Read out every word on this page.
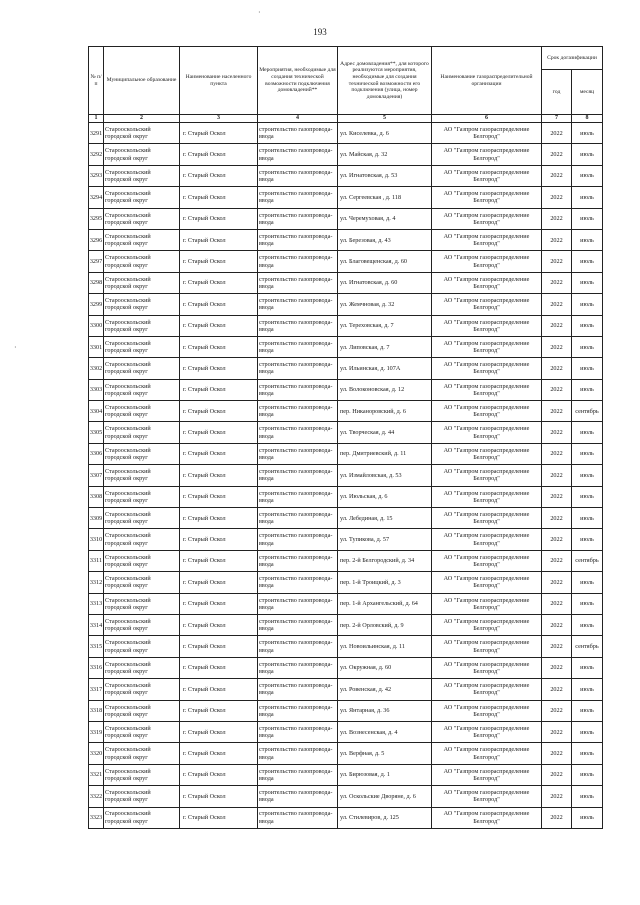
193
·
·
№ п/п	Муниципальное образование	Наименование населенного пункта	Мероприятия, необходимые для создания технической возможности подключения домовладений**	Адрес домовладения**, для которого реализуются мероприятия, необходимые для создания технической возможности его подключения (улица, номер домовладения)	Наименование газораспределительной организации	Срок догазификации	
						год	месяц
1	2	3	4	5	6	7	8
3291	Старооскольский городской округ	г. Старый Оскол	строительство газопровода-ввода	ул. Киселевка, д. 6	АО "Газпром газораспределение Белгород"	2022	июль
3292	Старооскольский городской округ	г. Старый Оскол	строительство газопровода-ввода	ул. Майская, д. 32	АО "Газпром газораспределение Белгород"	2022	июль
3293	Старооскольский городской округ	г. Старый Оскол	строительство газопровода-ввода	ул. Игнатовская, д. 53	АО "Газпром газораспределение Белгород"	2022	июль
3294	Старооскольский городской округ	г. Старый Оскол	строительство газопровода-ввода	ул. Сергеевская , д. 118	АО "Газпром газораспределение Белгород"	2022	июль
3295	Старооскольский городской округ	г. Старый Оскол	строительство газопровода-ввода	ул. Черемуховая, д. 4	АО "Газпром газораспределение Белгород"	2022	июль
3296	Старооскольский городской округ	г. Старый Оскол	строительство газопровода-ввода	ул. Березовая, д. 43	АО "Газпром газораспределение Белгород"	2022	июль
3297	Старооскольский городской округ	г. Старый Оскол	строительство газопровода-ввода	ул. Благовещенская, д. 60	АО "Газпром газораспределение Белгород"	2022	июль
3298	Старооскольский городской округ	г. Старый Оскол	строительство газопровода-ввода	ул. Игнатовская, д. 60	АО "Газпром газораспределение Белгород"	2022	июль
3299	Старооскольский городской округ	г. Старый Оскол	строительство газопровода-ввода	ул. Жемчновая, д. 32	АО "Газпром газораспределение Белгород"	2022	июль
3300	Старооскольский городской округ	г. Старый Оскол	строительство газопровода-ввода	ул. Тереховская, д. 7	АО "Газпром газораспределение Белгород"	2022	июль
3301	Старооскольский городской округ	г. Старый Оскол	строительство газопровода-ввода	ул. Липовская, д. 7	АО "Газпром газораспределение Белгород"	2022	июль
3302	Старооскольский городской округ	г. Старый Оскол	строительство газопровода-ввода	ул. Ильинская, д. 107А	АО "Газпром газораспределение Белгород"	2022	июль
3303	Старооскольский городской округ	г. Старый Оскол	строительство газопровода-ввода	ул. Волоконовская, д. 12	АО "Газпром газораспределение Белгород"	2022	июль
3304	Старооскольский городской округ	г. Старый Оскол	строительство газопровода-ввода	пер. Никаноровский, д. 6	АО "Газпром газораспределение Белгород"	2022	сентябрь
3305	Старооскольский городской округ	г. Старый Оскол	строительство газопровода-ввода	ул. Творческая, д. 44	АО "Газпром газораспределение Белгород"	2022	июль
3306	Старооскольский городской округ	г. Старый Оскол	строительство газопровода-ввода	пер. Дмитриевский, д. 11	АО "Газпром газораспределение Белгород"	2022	июль
3307	Старооскольский городской округ	г. Старый Оскол	строительство газопровода-ввода	ул. Измайловская, д. 53	АО "Газпром газораспределение Белгород"	2022	июль
3308	Старооскольский городской округ	г. Старый Оскол	строительство газопровода-ввода	ул. Июльская, д. 6	АО "Газпром газораспределение Белгород"	2022	июль
3309	Старооскольский городской округ	г. Старый Оскол	строительство газопровода-ввода	ул. Лебединая, д. 15	АО "Газпром газораспределение Белгород"	2022	июль
3310	Старооскольский городской округ	г. Старый Оскол	строительство газопровода-ввода	ул. Тупикова, д. 57	АО "Газпром газораспределение Белгород"	2022	июль
3311	Старооскольский городской округ	г. Старый Оскол	строительство газопровода-ввода	пер. 2-й Белгородский, д. 34	АО "Газпром газораспределение Белгород"	2022	сентябрь
3312	Старооскольский городской округ	г. Старый Оскол	строительство газопровода-ввода	пер. 1-й Троицкий, д. 3	АО "Газпром газораспределение Белгород"	2022	июль
3313	Старооскольский городской округ	г. Старый Оскол	строительство газопровода-ввода	пер. 1-й Архангельский, д. 64	АО "Газпром газораспределение Белгород"	2022	июль
3314	Старооскольский городской округ	г. Старый Оскол	строительство газопровода-ввода	пер. 2-й Орловский, д. 9	АО "Газпром газораспределение Белгород"	2022	июль
3315	Старооскольский городской округ	г. Старый Оскол	строительство газопровода-ввода	ул. Новоильинская, д. 11	АО "Газпром газораспределение Белгород"	2022	сентябрь
3316	Старооскольский городской округ	г. Старый Оскол	строительство газопровода-ввода	ул. Окружная, д. 60	АО "Газпром газораспределение Белгород"	2022	июль
3317	Старооскольский городской округ	г. Старый Оскол	строительство газопровода-ввода	ул. Ровенская, д. 42	АО "Газпром газораспределение Белгород"	2022	июль
3318	Старооскольский городской округ	г. Старый Оскол	строительство газопровода-ввода	ул. Янтарная, д. 36	АО "Газпром газораспределение Белгород"	2022	июль
3319	Старооскольский городской округ	г. Старый Оскол	строительство газопровода-ввода	ул. Вознесенская, д. 4	АО "Газпром газораспределение Белгород"	2022	июль
3320	Старооскольский городской округ	г. Старый Оскол	строительство газопровода-ввода	ул. Верфная, д. 5	АО "Газпром газораспределение Белгород"	2022	июль
3321	Старооскольский городской округ	г. Старый Оскол	строительство газопровода-ввода	ул. Бирюзовая, д. 1	АО "Газпром газораспределение Белгород"	2022	июль
3322	Старооскольский городской округ	г. Старый Оскол	строительство газопровода-ввода	ул. Оскольские Дворяне, д. 6	АО "Газпром газораспределение Белгород"	2022	июль
3323	Старооскольский городской округ	г. Старый Оскол	строительство газопровода-ввода	ул. Стилевиров, д. 125	АО "Газпром газораспределение Белгород"	2022	июль
